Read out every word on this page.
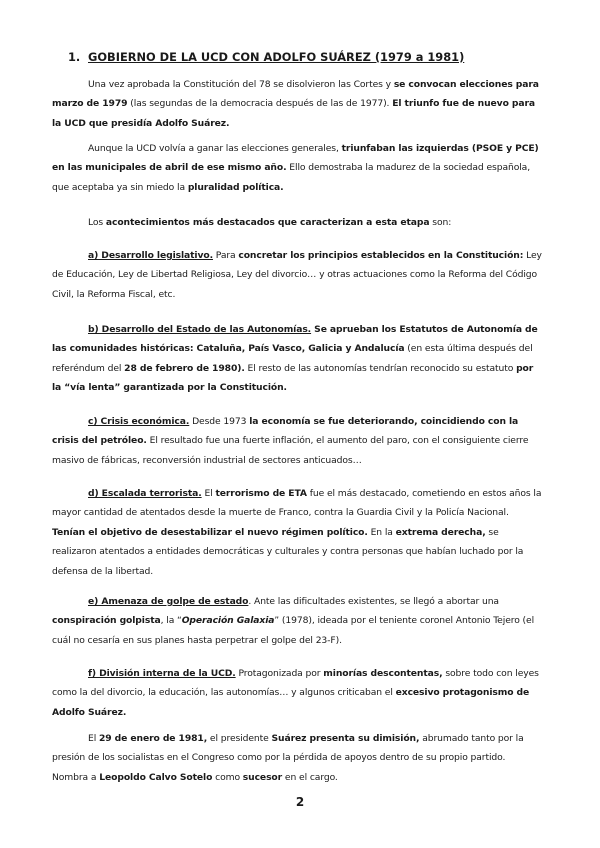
1. GOBIERNO DE LA UCD CON ADOLFO SUÁREZ (1979 a 1981)

Una vez aprobada la Constitución del 78 se disolvieron las Cortes y se convocan elecciones para marzo de 1979 (las segundas de la democracia después de las de 1977). El triunfo fue de nuevo para la UCD que presidía Adolfo Suárez.

Aunque la UCD volvía a ganar las elecciones generales, triunfaban las izquierdas (PSOE y PCE) en las municipales de abril de ese mismo año. Ello demostraba la madurez de la sociedad española, que aceptaba ya sin miedo la pluralidad política.

Los acontecimientos más destacados que caracterizan a esta etapa son:

a) Desarrollo legislativo. Para concretar los principios establecidos en la Constitución: Ley de Educación, Ley de Libertad Religiosa, Ley del divorcio… y otras actuaciones como la Reforma del Código Civil, la Reforma Fiscal, etc.

b) Desarrollo del Estado de las Autonomías. Se aprueban los Estatutos de Autonomía de las comunidades históricas: Cataluña, País Vasco, Galicia y Andalucía (en esta última después del referéndum del 28 de febrero de 1980). El resto de las autonomías tendrían reconocido su estatuto por la “vía lenta” garantizada por la Constitución.

c) Crisis económica. Desde 1973 la economía se fue deteriorando, coincidiendo con la crisis del petróleo. El resultado fue una fuerte inflación, el aumento del paro, con el consiguiente cierre masivo de fábricas, reconversión industrial de sectores anticuados…

d) Escalada terrorista. El terrorismo de ETA fue el más destacado, cometiendo en estos años la mayor cantidad de atentados desde la muerte de Franco, contra la Guardia Civil y la Policía Nacional. Tenían el objetivo de desestabilizar el nuevo régimen político. En la extrema derecha, se realizaron atentados a entidades democráticas y culturales y contra personas que habían luchado por la defensa de la libertad.

e) Amenaza de golpe de estado. Ante las dificultades existentes, se llegó a abortar una conspiración golpista, la “Operación Galaxia” (1978), ideada por el teniente coronel Antonio Tejero (el cuál no cesaría en sus planes hasta perpetrar el golpe del 23-F).

f) División interna de la UCD. Protagonizada por minorías descontentas, sobre todo con leyes como la del divorcio, la educación, las autonomías… y algunos criticaban el excesivo protagonismo de Adolfo Suárez.

El 29 de enero de 1981, el presidente Suárez presenta su dimisión, abrumado tanto por la presión de los socialistas en el Congreso como por la pérdida de apoyos dentro de su propio partido. Nombra a Leopoldo Calvo Sotelo como sucesor en el cargo.

2
